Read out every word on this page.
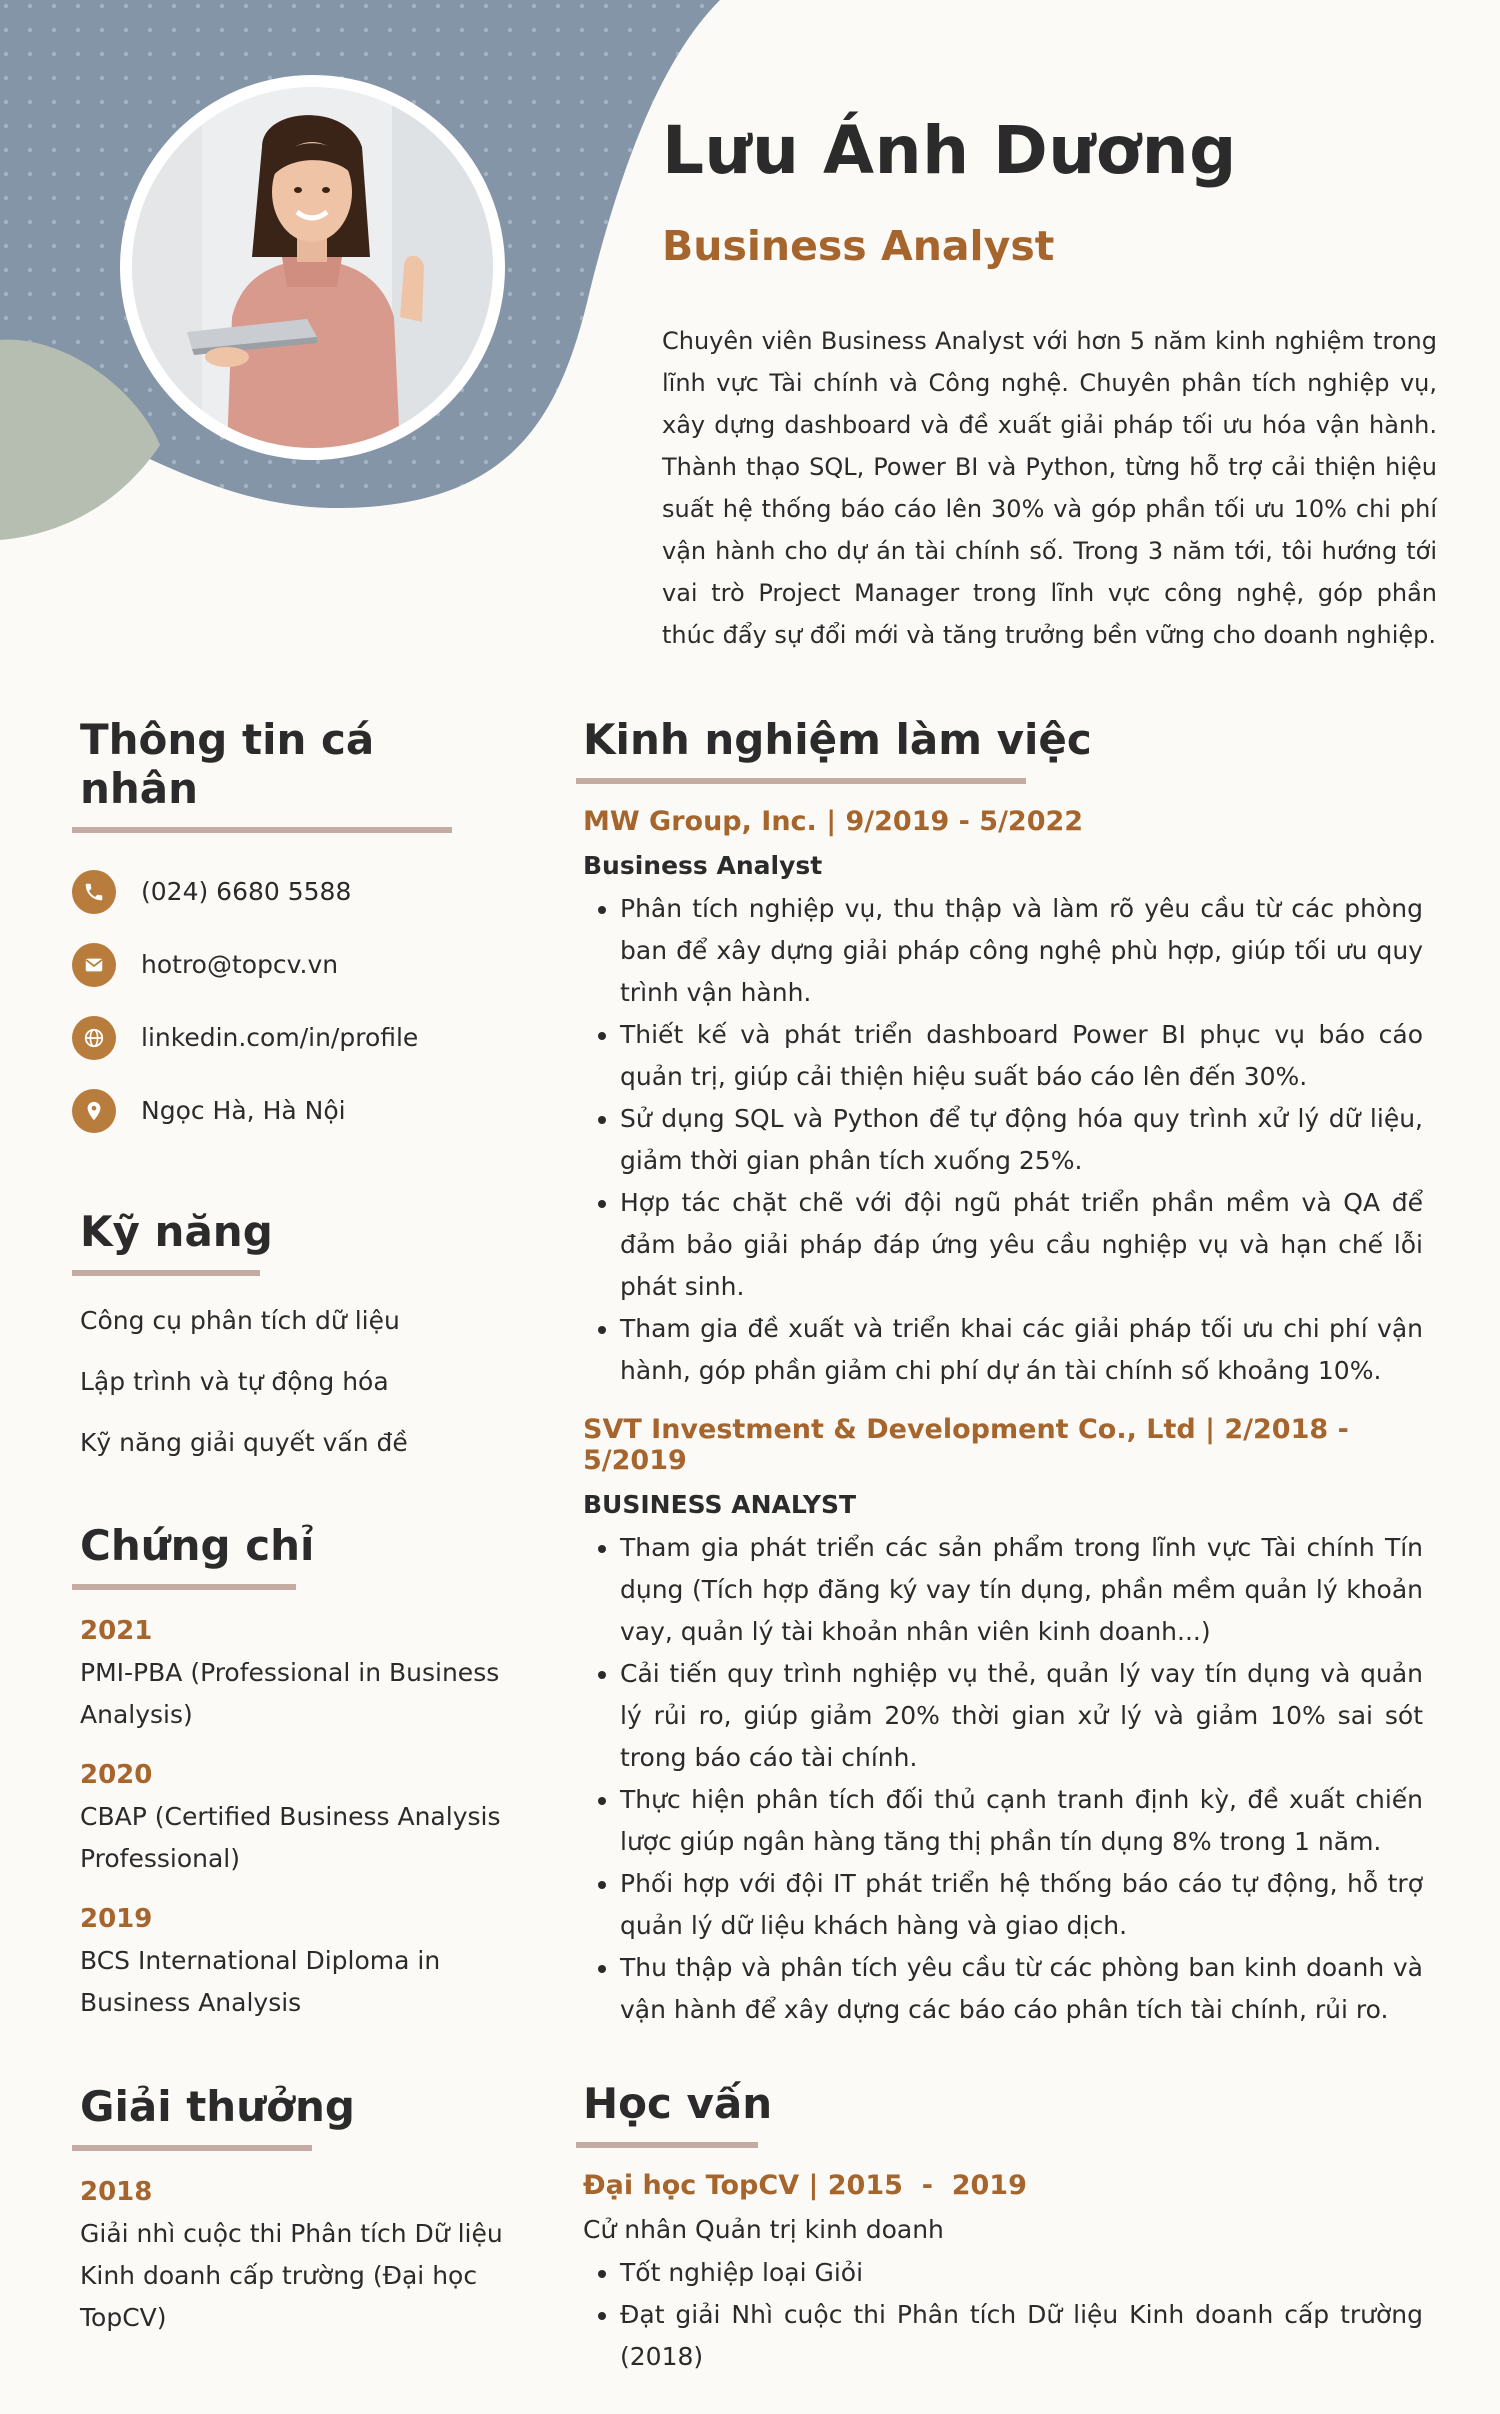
Lưu Ánh Dương
Business Analyst

Chuyên viên Business Analyst với hơn 5 năm kinh nghiệm trong lĩnh vực Tài chính và Công nghệ. Chuyên phân tích nghiệp vụ, xây dựng dashboard và đề xuất giải pháp tối ưu hóa vận hành. Thành thạo SQL, Power BI và Python, từng hỗ trợ cải thiện hiệu suất hệ thống báo cáo lên 30% và góp phần tối ưu 10% chi phí vận hành cho dự án tài chính số. Trong 3 năm tới, tôi hướng tới vai trò Project Manager trong lĩnh vực công nghệ, góp phần thúc đẩy sự đổi mới và tăng trưởng bền vững cho doanh nghiệp.

Thông tin cá nhân
(024) 6680 5588
hotro@topcv.vn
linkedin.com/in/profile
Ngọc Hà, Hà Nội
Kỹ năng
Công cụ phân tích dữ liệu
Lập trình và tự động hóa
Kỹ năng giải quyết vấn đề
Chứng chỉ

2021

PMI-PBA (Professional in Business Analysis)

2020

CBAP (Certified Business Analysis Professional)

2019

BCS International Diploma in Business Analysis

Giải thưởng

2018

Giải nhì cuộc thi Phân tích Dữ liệu Kinh doanh cấp trường (Đại học TopCV)

Kinh nghiệm làm việc

MW Group, Inc. | 9/2019 - 5/2022

Business Analyst

• Phân tích nghiệp vụ, thu thập và làm rõ yêu cầu từ các phòng ban để xây dựng giải pháp công nghệ phù hợp, giúp tối ưu quy trình vận hành.
• Thiết kế và phát triển dashboard Power BI phục vụ báo cáo quản trị, giúp cải thiện hiệu suất báo cáo lên đến 30%.
• Sử dụng SQL và Python để tự động hóa quy trình xử lý dữ liệu, giảm thời gian phân tích xuống 25%.
• Hợp tác chặt chẽ với đội ngũ phát triển phần mềm và QA để đảm bảo giải pháp đáp ứng yêu cầu nghiệp vụ và hạn chế lỗi phát sinh.
• Tham gia đề xuất và triển khai các giải pháp tối ưu chi phí vận hành, góp phần giảm chi phí dự án tài chính số khoảng 10%.

SVT Investment & Development Co., Ltd | 2/2018 - 5/2019

BUSINESS ANALYST

• Tham gia phát triển các sản phẩm trong lĩnh vực Tài chính Tín dụng (Tích hợp đăng ký vay tín dụng, phần mềm quản lý khoản vay, quản lý tài khoản nhân viên kinh doanh...)
• Cải tiến quy trình nghiệp vụ thẻ, quản lý vay tín dụng và quản lý rủi ro, giúp giảm 20% thời gian xử lý và giảm 10% sai sót trong báo cáo tài chính.
• Thực hiện phân tích đối thủ cạnh tranh định kỳ, đề xuất chiến lược giúp ngân hàng tăng thị phần tín dụng 8% trong 1 năm.
• Phối hợp với đội IT phát triển hệ thống báo cáo tự động, hỗ trợ quản lý dữ liệu khách hàng và giao dịch.
• Thu thập và phân tích yêu cầu từ các phòng ban kinh doanh và vận hành để xây dựng các báo cáo phân tích tài chính, rủi ro.
Học vấn

Đại học TopCV | 2015  -  2019

Cử nhân Quản trị kinh doanh

• Tốt nghiệp loại Giỏi
• Đạt giải Nhì cuộc thi Phân tích Dữ liệu Kinh doanh cấp trường (2018)
